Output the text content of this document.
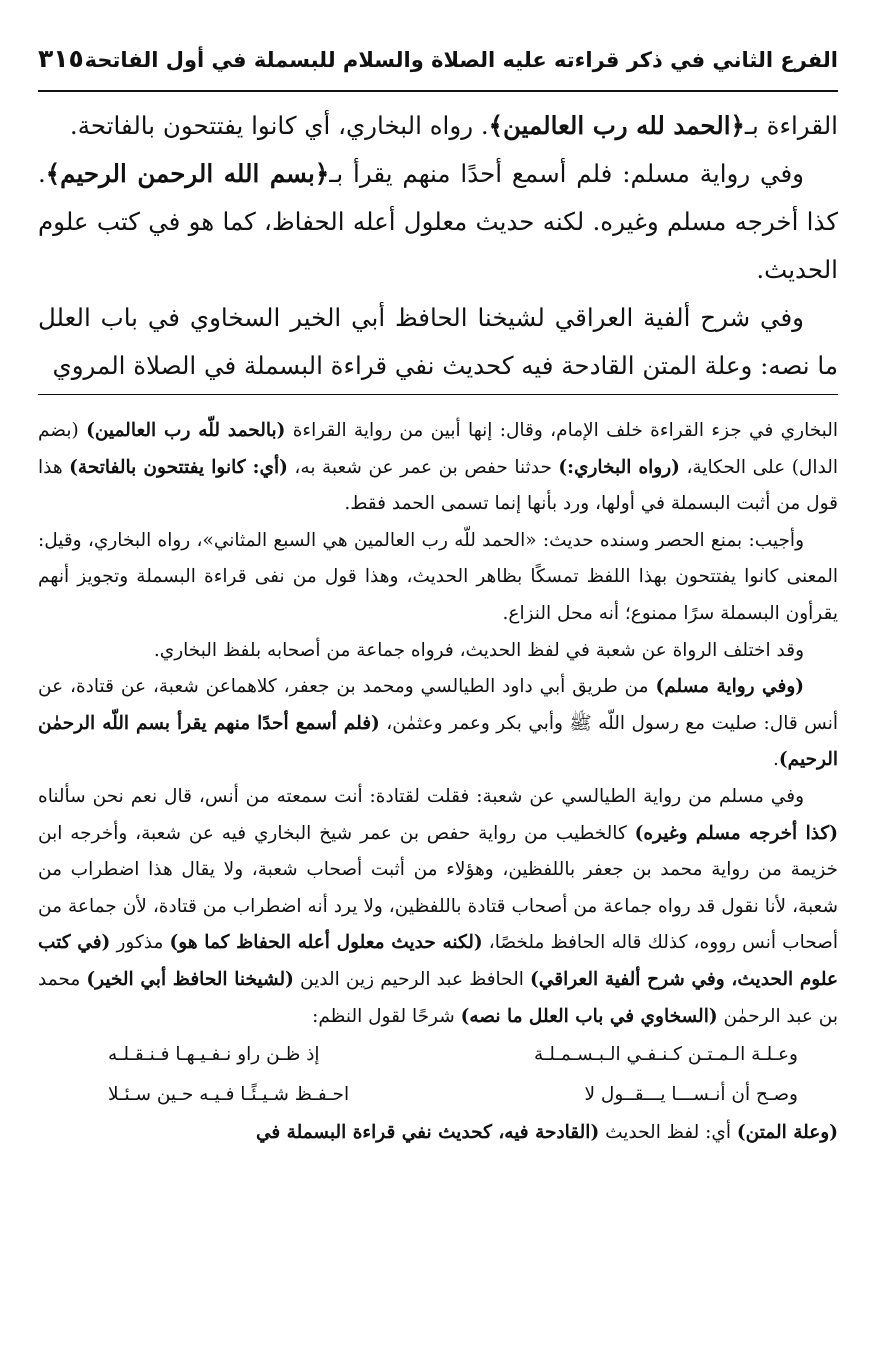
الفرع الثاني في ذكر قراءته عليه الصلاة والسلام للبسملة في أول الفاتحة
٣١٥

القراءة بـ﴿الحمد لله رب العالمين﴾. رواه البخاري، أي كانوا يفتتحون بالفاتحة.

وفي رواية مسلم: فلم أسمع أحدًا منهم يقرأ بـ﴿بسم الله الرحمن الرحيم﴾. كذا أخرجه مسلم وغيره. لكنه حديث معلول أعله الحفاظ، كما هو في كتب علوم الحديث.

وفي شرح ألفية العراقي لشيخنا الحافظ أبي الخير السخاوي في باب العلل ما نصه: وعلة المتن القادحة فيه كحديث نفي قراءة البسملة في الصلاة المروي

البخاري في جزء القراءة خلف الإمام، وقال: إنها أبين من رواية القراءة (بالحمد للّه رب العالمين) (بضم الدال) على الحكاية، (رواه البخاري:) حدثنا حفص بن عمر عن شعبة به، (أي: كانوا يفتتحون بالفاتحة) هذا قول من أثبت البسملة في أولها، ورد بأنها إنما تسمى الحمد فقط.

وأجيب: بمنع الحصر وسنده حديث: «الحمد للّه رب العالمين هي السبع المثاني»، رواه البخاري، وقيل: المعنى كانوا يفتتحون بهذا اللفظ تمسكًا بظاهر الحديث، وهذا قول من نفى قراءة البسملة وتجويز أنهم يقرأون البسملة سرًا ممنوع؛ أنه محل النزاع.

وقد اختلف الرواة عن شعبة في لفظ الحديث، فرواه جماعة من أصحابه بلفظ البخاري.

(وفي رواية مسلم) من طريق أبي داود الطيالسي ومحمد بن جعفر، كلاهماعن شعبة، عن قتادة، عن أنس قال: صليت مع رسول اللّه ﷺ وأبي بكر وعمر وعثمٰن، (فلم أسمع أحدًا منهم يقرأ بسم اللّه الرحمٰن الرحيم).

وفي مسلم من رواية الطيالسي عن شعبة: فقلت لقتادة: أنت سمعته من أنس، قال نعم نحن سألناه (كذا أخرجه مسلم وغيره) كالخطيب من رواية حفص بن عمر شيخ البخاري فيه عن شعبة، وأخرجه ابن خزيمة من رواية محمد بن جعفر باللفظين، وهؤلاء من أثبت أصحاب شعبة، ولا يقال هذا اضطراب من شعبة، لأنا نقول قد رواه جماعة من أصحاب قتادة باللفظين، ولا يرد أنه اضطراب من قتادة، لأن جماعة من أصحاب أنس رووه، كذلك قاله الحافظ ملخصًا، (لكنه حديث معلول أعله الحفاظ كما هو) مذكور (في كتب علوم الحديث، وفي شرح ألفية العراقي) الحافظ عبد الرحيم زين الدين (لشيخنا الحافظ أبي الخير) محمد بن عبد الرحمٰن (السخاوي في باب العلل ما نصه) شرحًا لقول النظم:

وعـلـة الـمـتـن كـنـفـي الـبـسـمـلـة
إذ ظـن راو نـفـيـهـا فـنـقـلـه
وصـح أن أنـســـا يـــقــول لا
احـفـظ شـيـئًـا فـيـه حـين سـئـلا

(وعلة المتن) أي: لفظ الحديث (القادحة فيه، كحديث نفي قراءة البسملة في
